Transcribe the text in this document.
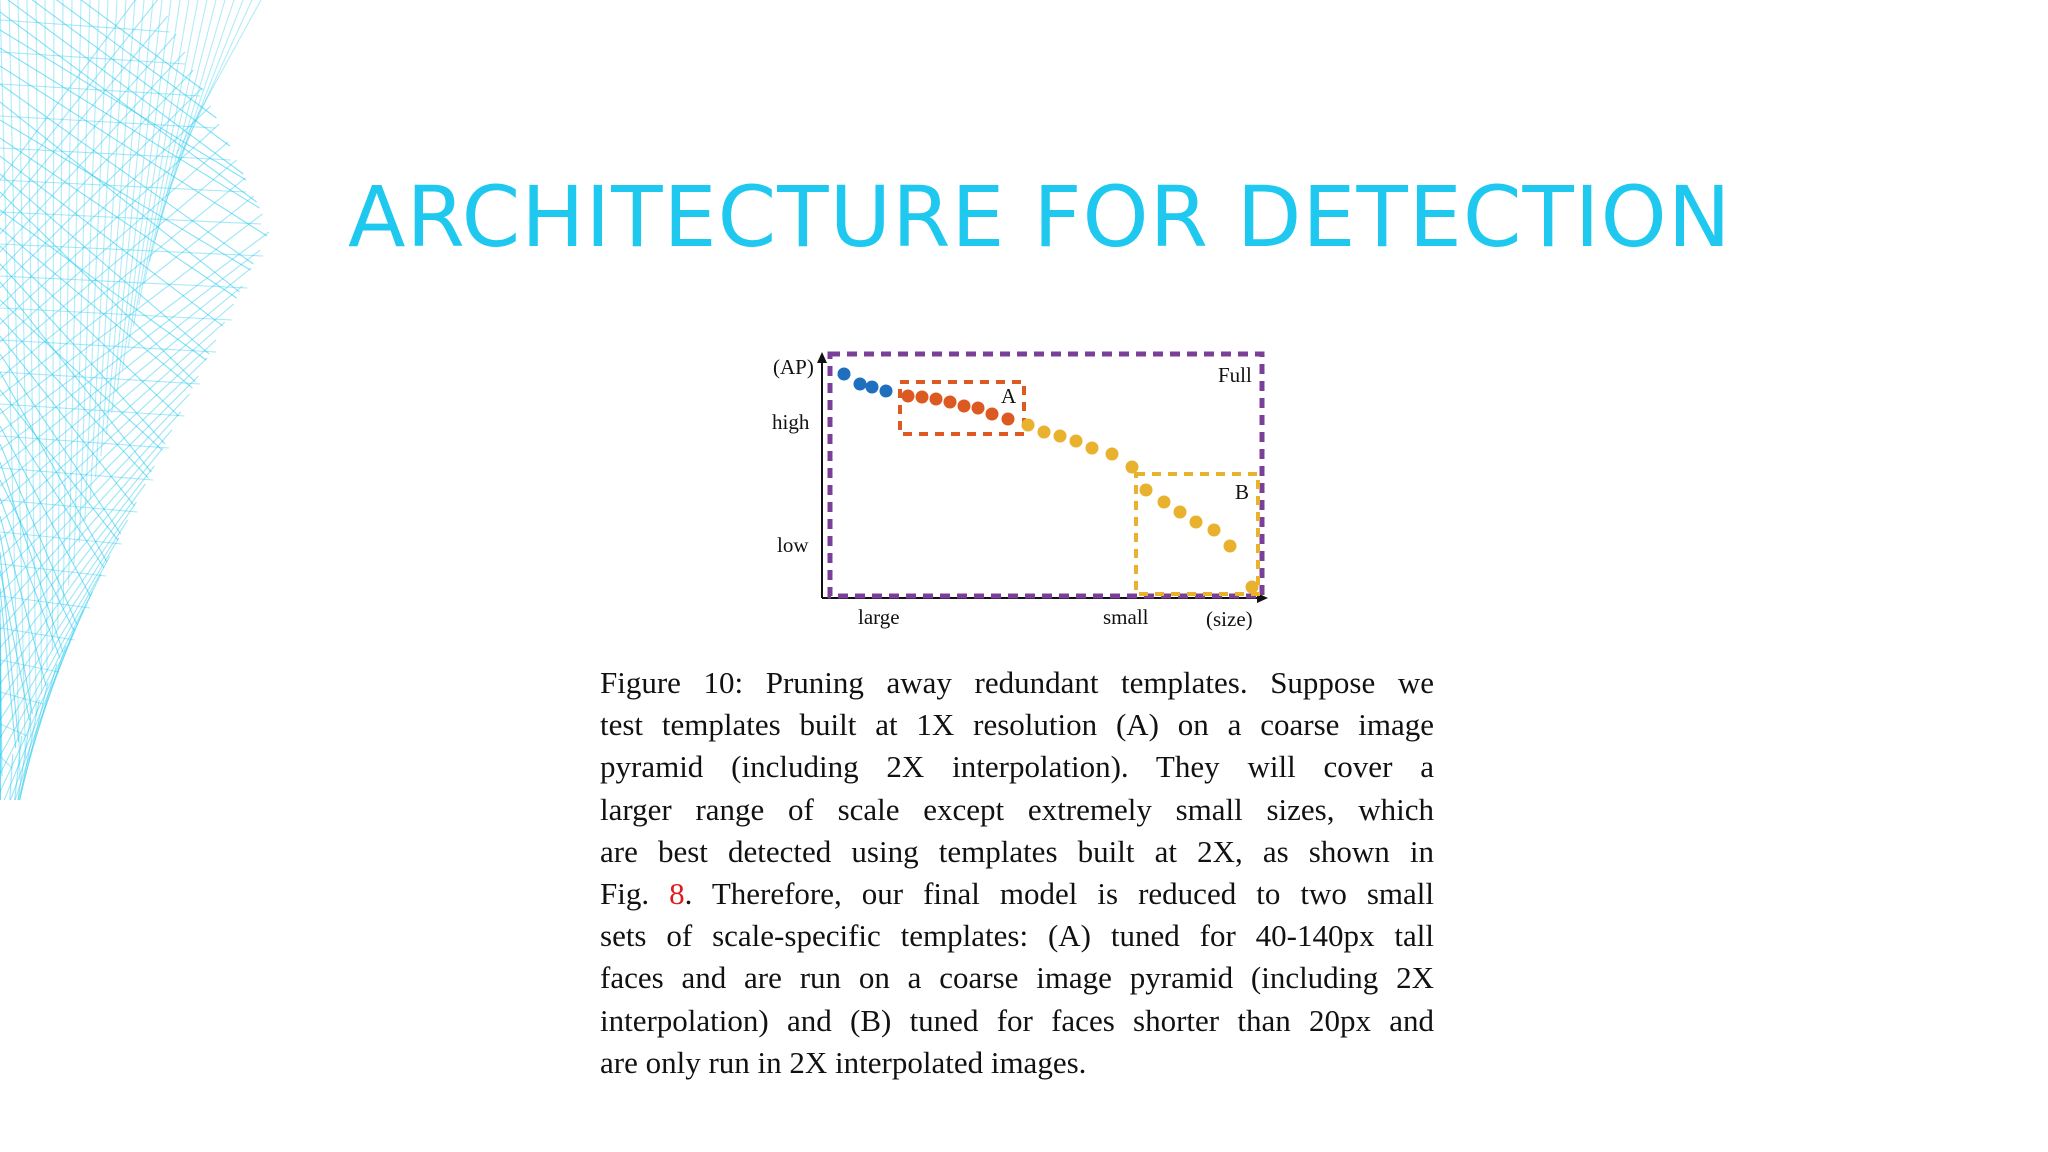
ARCHITECTURE FOR DETECTION
(AP)
high
low
large	small	(size)
Full
A
B

Figure 10: Pruning away redundant templates. Suppose we
test templates built at 1X resolution (A) on a coarse image
pyramid (including 2X interpolation). They will cover a
larger range of scale except extremely small sizes, which
are best detected using templates built at 2X, as shown in
Fig. 8. Therefore, our final model is reduced to two small
sets of scale-specific templates: (A) tuned for 40-140px tall
faces and are run on a coarse image pyramid (including 2X
interpolation) and (B) tuned for faces shorter than 20px and
are only run in 2X interpolated images.
